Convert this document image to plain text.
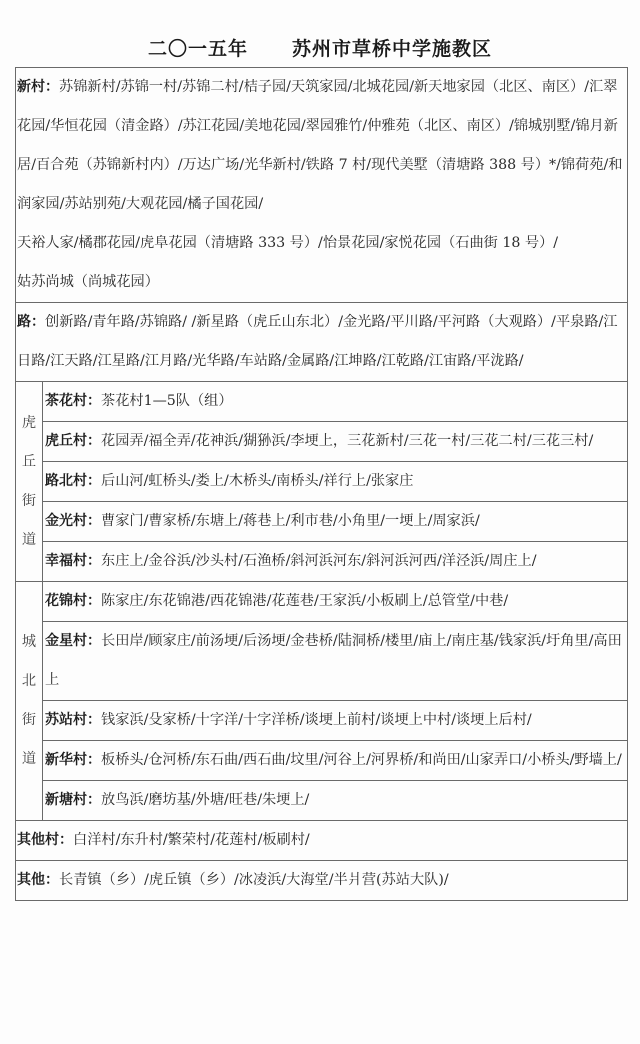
二〇一五年 苏州市草桥中学施教区
新村：苏锦新村/苏锦一村/苏锦二村/桔子园/天筑家园/北城花园/新天地家园（北区、南区）/汇翠花园/华恒花园（清金路）/苏江花园/美地花园/翠园雅竹/仲雅苑（北区、南区）/锦城别墅/锦月新居/百合苑（苏锦新村内）/万达广场/光华新村/铁路 7 村/现代美墅（清塘路 388 号）*/锦荷苑/和润家园/苏站别苑/大观花园/橘子国花园/
天裕人家/橘郡花园/虎阜花园（清塘路 333 号）/怡景花园/家悦花园（石曲街 18 号）/
姑苏尚城（尚城花园）	
路：创新路/青年路/苏锦路/ /新星路（虎丘山东北）/金光路/平川路/平河路（大观路）/平泉路/江日路/江天路/江星路/江月路/光华路/车站路/金属路/江坤路/江乾路/江宙路/平泷路/	

虎
丘
街
道	茶花村：茶花村1—5队（组）
	虎丘村：花园弄/福全弄/花神浜/猢狲浜/李埂上，三花新村/三花一村/三花二村/三花三村/
	路北村：后山河/虹桥头/娄上/木桥头/南桥头/祥行上/张家庄
	金光村：曹家门/曹家桥/东塘上/蒋巷上/利市巷/小角里/一埂上/周家浜/
	幸福村：东庄上/金谷浜/沙头村/石渔桥/斜河浜河东/斜河浜河西/洋泾浜/周庄上/

城
北
街
道	花锦村：陈家庄/东花锦港/西花锦港/花莲巷/王家浜/小板刷上/总管堂/中巷/
	金星村：长田岸/顾家庄/前汤埂/后汤埂/金巷桥/陆洞桥/楼里/庙上/南庄基/钱家浜/圩角里/高田上
	苏站村：钱家浜/殳家桥/十字洋/十字洋桥/谈埂上前村/谈埂上中村/谈埂上后村/
	新华村：板桥头/仓河桥/东石曲/西石曲/坟里/河谷上/河界桥/和尚田/山家弄口/小桥头/野墙上/
	新塘村：放鸟浜/磨坊基/外塘/旺巷/朱埂上/
其他村：白洋村/东升村/繁荣村/花莲村/板刷村/	
其他：长青镇（乡）/虎丘镇（乡）/冰凌浜/大海堂/半爿营(苏站大队)/	
